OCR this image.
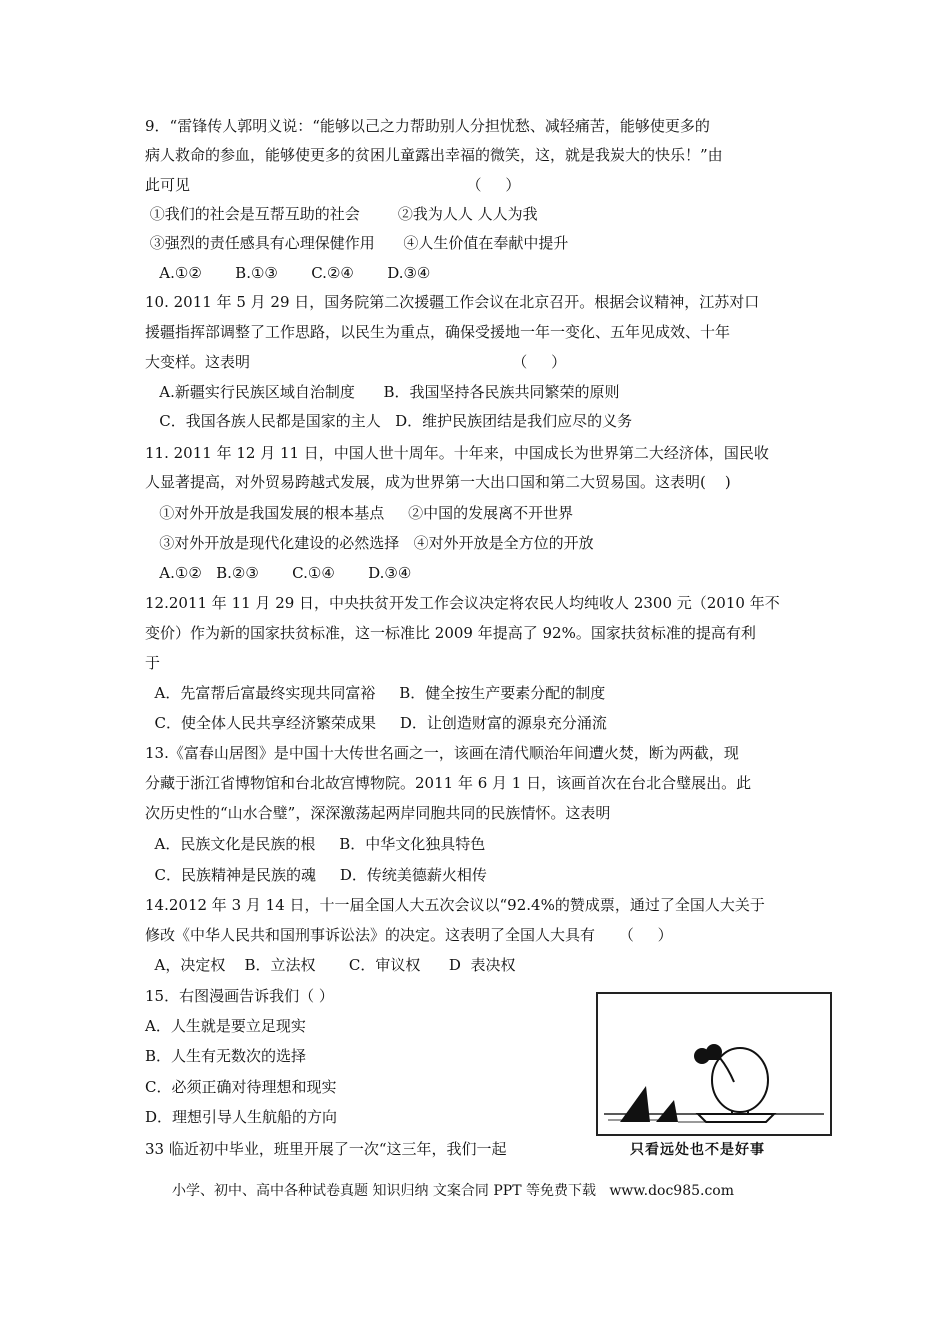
9．“雷锋传人郭明义说：“能够以己之力帮助别人分担忧愁、减轻痛苦，能够使更多的
病人救命的参血，能够使更多的贫困儿童露出幸福的微笑，这，就是我炭大的快乐！”由
此可见                                                          （     ）
①我们的社会是互帮互助的社会        ②我为人人 人人为我
③强烈的责任感具有心理保健作用      ④人生价值在奉献中提升
A.①②       B.①③       C.②④       D.③④
10. 2011 年 5 月 29 日，国务院第二次援疆工作会议在北京召开。根据会议精神，江苏对口
援疆指挥部调整了工作思路，以民生为重点，确保受援地一年一变化、五年见成效、十年
大变样。这表明                                                       （     ）
A.新疆实行民族区域自治制度      B．我国坚持各民族共同繁荣的原则
C．我国各族人民都是国家的主人   D．维护民族团结是我们应尽的义务
11. 2011 年 12 月 11 日，中国人世十周年。十年来，中国成长为世界第二大经济体，国民收
人显著提高，对外贸易跨越式发展，成为世界第一大出口国和第二大贸易国。这表明(    )
①对外开放是我国发展的根本基点     ②中国的发展离不开世界
③对外开放是现代化建设的必然选择   ④对外开放是全方位的开放
A.①②   B.②③       C.①④       D.③④
12.2011 年 11 月 29 日，中央扶贫开发工作会议决定将农民人均纯收人 2300 元（2010 年不
变价）作为新的国家扶贫标准，这一标准比 2009 年提高了 92%。国家扶贫标准的提高有利
于
A．先富帮后富最终实现共同富裕     B．健全按生产要素分配的制度
C．使全体人民共享经济繁荣成果     D．让创造财富的源泉充分涌流
13.《富春山居图》是中国十大传世名画之一，该画在清代顺治年间遭火焚，断为两截，现
分藏于浙江省博物馆和台北故宫博物院。2011 年 6 月 1 日，该画首次在台北合璧展出。此
次历史性的“山水合璧”，深深激荡起两岸同胞共同的民族情怀。这表明
A．民族文化是民族的根     B．中华文化独具特色
C．民族精神是民族的魂     D．传统美德薪火相传
14.2012 年 3 月 14 日，十一届全国人大五次会议以“92.4%的赞成票，通过了全国人大关于
修改《中华人民共和国刑事诉讼法》的决定。这表明了全国人大具有     （     ）
A，决定权    B．立法权       C．审议权      D  表决权
15．右图漫画告诉我们（ ）
A．人生就是要立足现实
B．人生有无数次的选择
C．必须正确对待理想和现实
D．理想引导人生航船的方向
33 临近初中毕业，班里开展了一次“这三年，我们一起	只看远处也不是好事
小学、初中、高中各种试卷真题 知识归纳 文案合同 PPT 等免费下载   www.doc985.com
